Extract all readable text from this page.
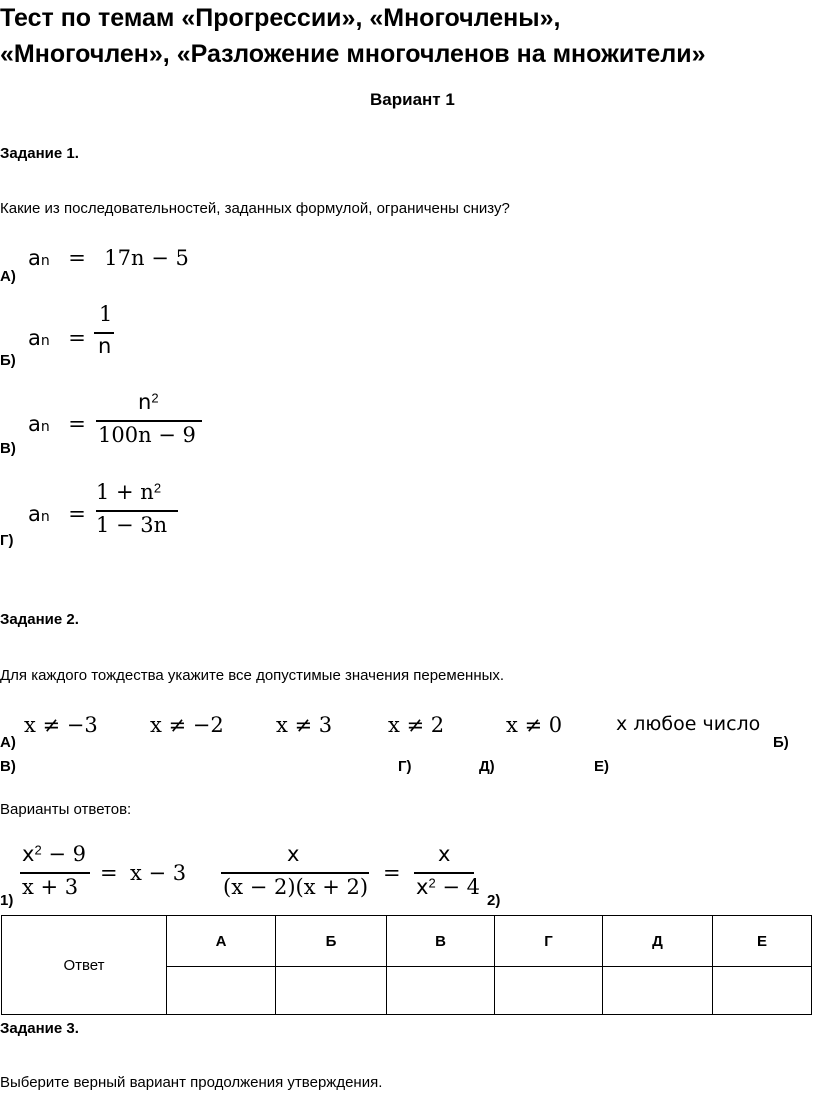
Тест по темам «Прогрессии», «Многочлены»,
«Многочлен», «Разложение многочленов на множители»
Вариант 1
Задание 1.
Какие из последовательностей, заданных формулой, ограничены снизу?
А)
an = 17n − 5
Б)
an =
1
n
В)
an =
$n^2$
100n − 9
Г)
an =
$1 + n^2$
1 − 3n
Задание 2.
Для каждого тождества укажите все допустимые значения переменных.
x ≠ −3 x ≠ −2 x ≠ 3	x ≠ 2	x ≠ 0	x любое число
А)	Б)
В)	Г)	Д)	Е)
Варианты ответов:
1)
$x^2 - 9$
x + 3
= x − 3
2)
x
(x − 2)(x + 2)
=
x
$x^2 - 4$
Ответ	А	Б	В	Г	Д	Е

Задание 3.
Выберите верный вариант продолжения утверждения.
